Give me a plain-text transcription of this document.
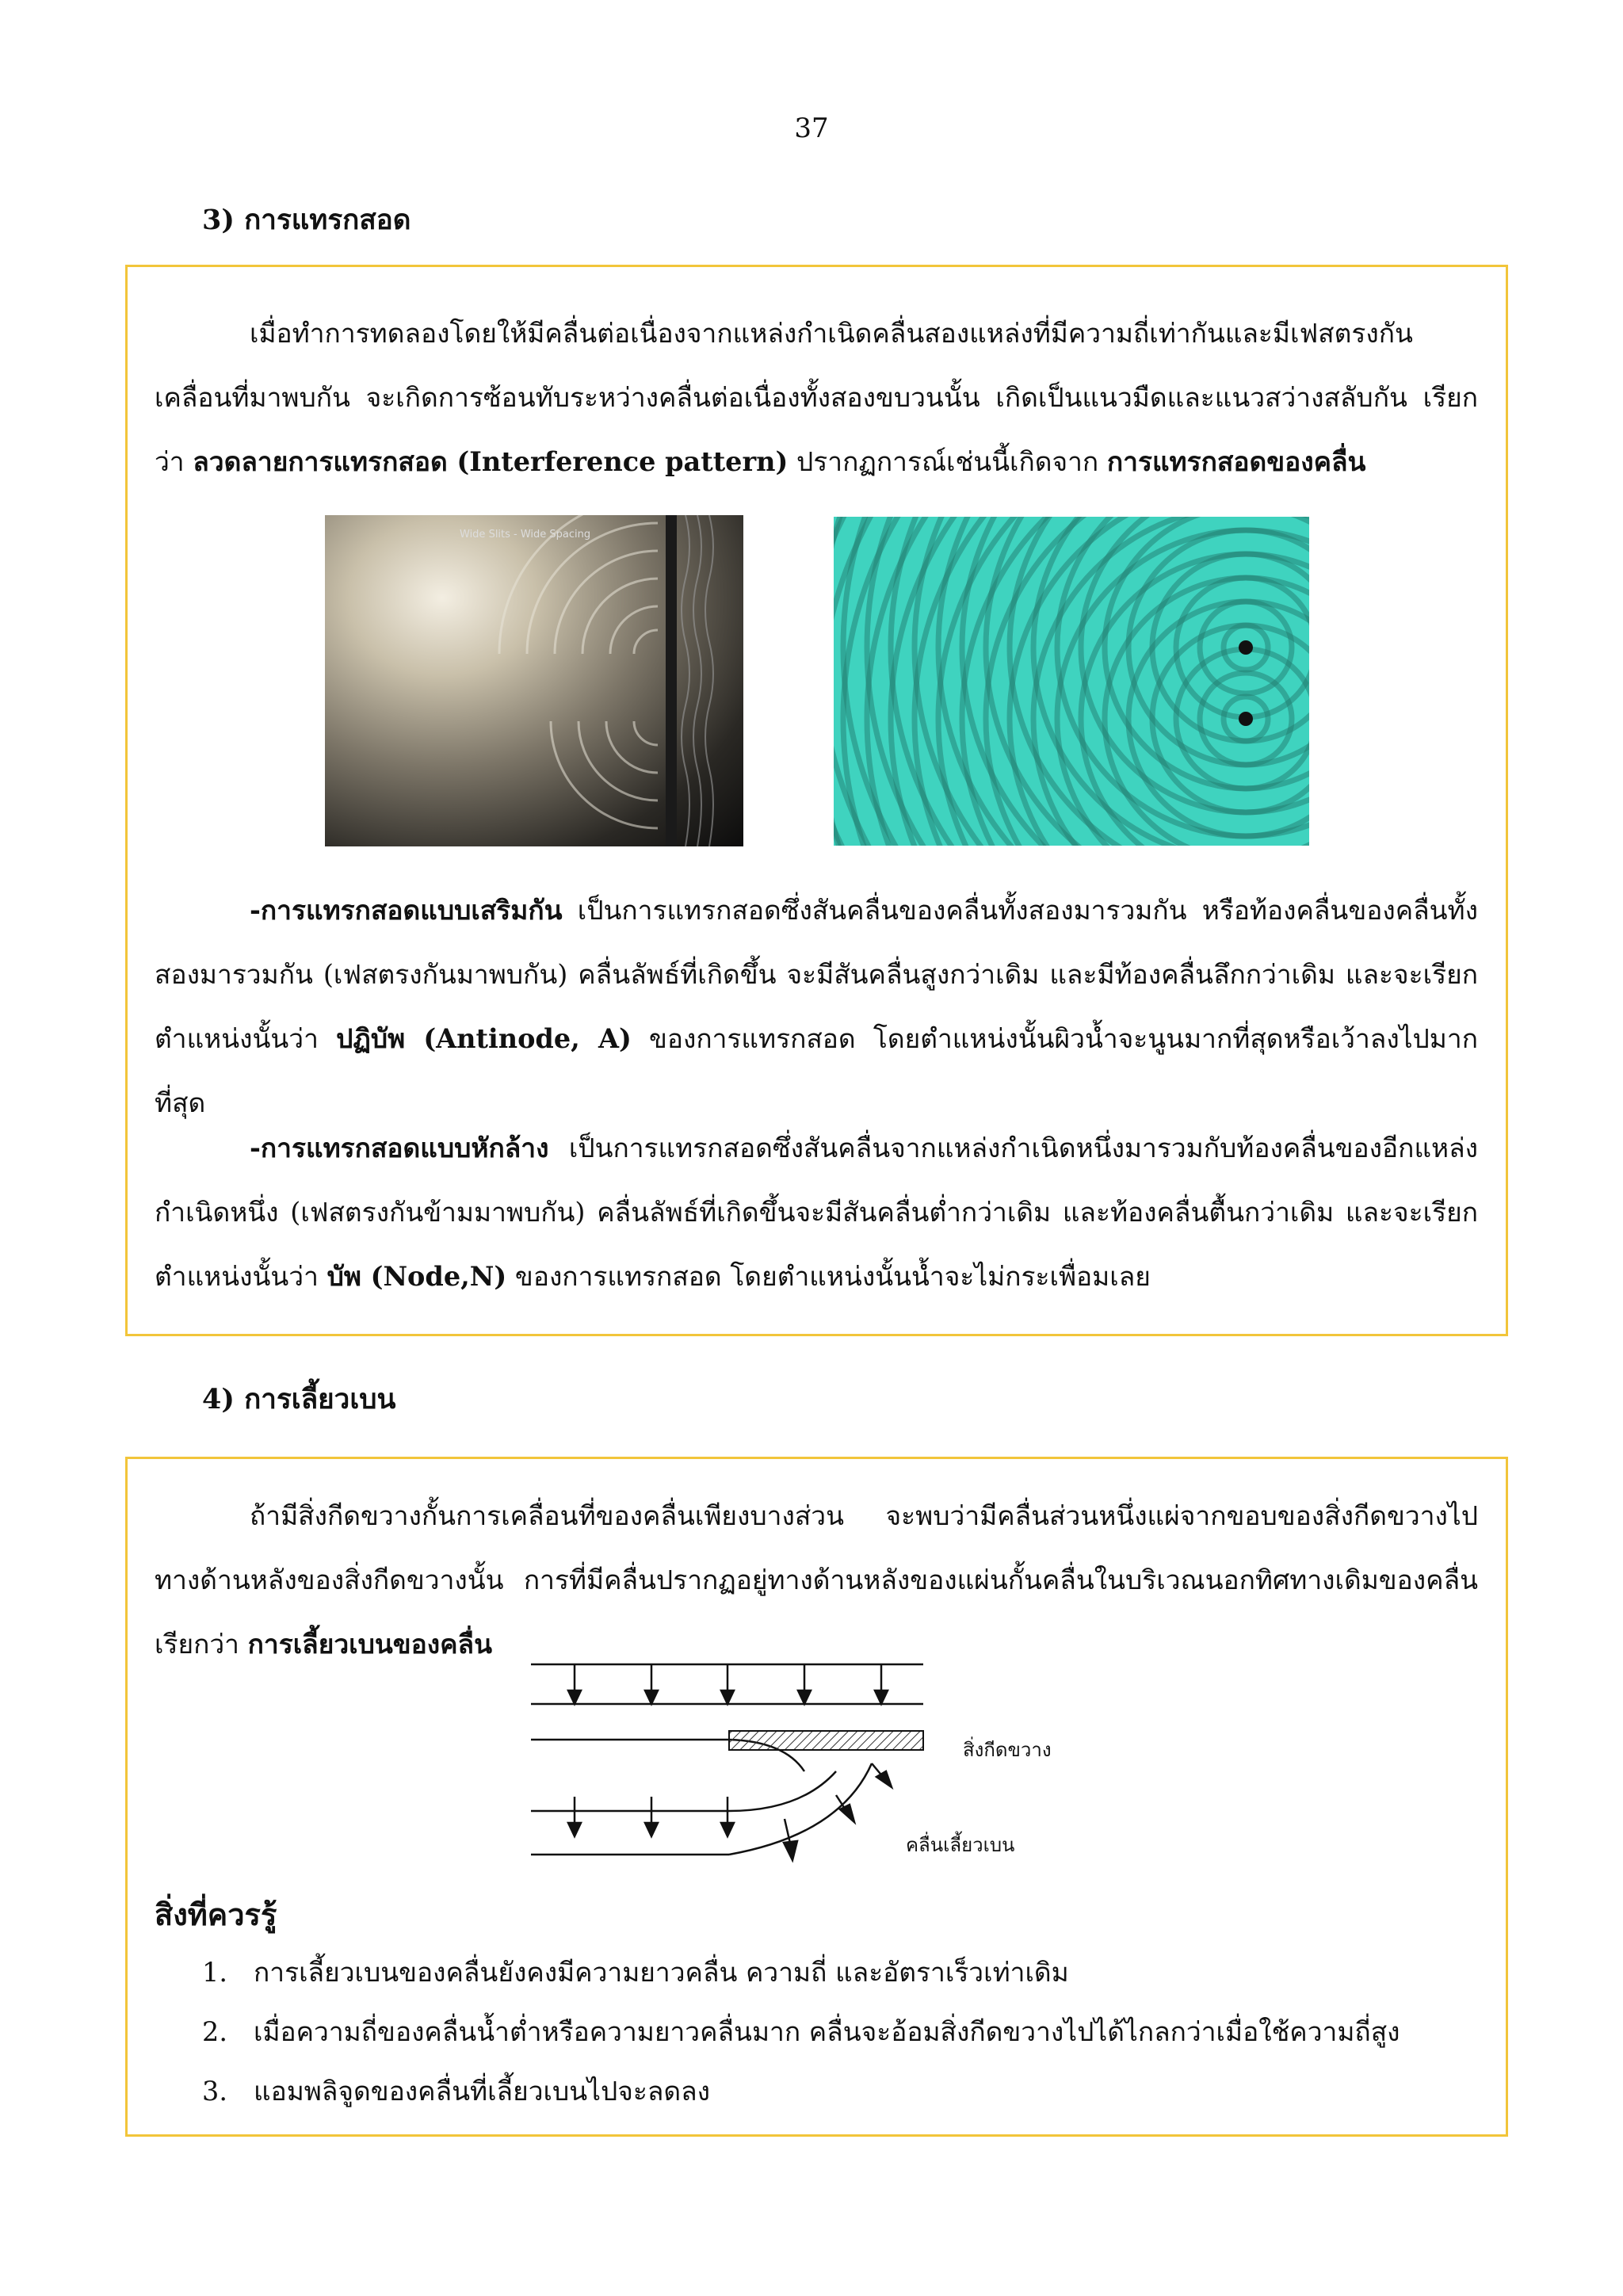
37
3) การแทรกสอด

เมื่อทำการทดลองโดยให้มีคลื่นต่อเนื่องจากแหล่งกำเนิดคลื่นสองแหล่งที่มีความถี่เท่ากันและมีเฟสตรงกัน เคลื่อนที่มาพบกัน จะเกิดการซ้อนทับระหว่างคลื่นต่อเนื่องทั้งสองขบวนนั้น เกิดเป็นแนวมืดและแนวสว่างสลับกัน เรียกว่า ลวดลายการแทรกสอด (Interference pattern) ปรากฏการณ์เช่นนี้เกิดจาก การแทรกสอดของคลื่น

Wide Slits - Wide Spacing

-การแทรกสอดแบบเสริมกัน เป็นการแทรกสอดซึ่งสันคลื่นของคลื่นทั้งสองมารวมกัน หรือท้องคลื่นของคลื่นทั้งสองมารวมกัน (เฟสตรงกันมาพบกัน) คลื่นลัพธ์ที่เกิดขึ้น จะมีสันคลื่นสูงกว่าเดิม และมีท้องคลื่นลึกกว่าเดิม และจะเรียกตำแหน่งนั้นว่า ปฏิบัพ (Antinode, A) ของการแทรกสอด โดยตำแหน่งนั้นผิวน้ำจะนูนมากที่สุดหรือเว้าลงไปมากที่สุด

-การแทรกสอดแบบหักล้าง เป็นการแทรกสอดซึ่งสันคลื่นจากแหล่งกำเนิดหนึ่งมารวมกับท้องคลื่นของอีกแหล่งกำเนิดหนึ่ง (เฟสตรงกันข้ามมาพบกัน) คลื่นลัพธ์ที่เกิดขึ้นจะมีสันคลื่นต่ำกว่าเดิม และท้องคลื่นตื้นกว่าเดิม และจะเรียกตำแหน่งนั้นว่า บัพ (Node,N) ของการแทรกสอด โดยตำแหน่งนั้นน้ำจะไม่กระเพื่อมเลย

4) การเลี้ยวเบน

ถ้ามีสิ่งกีดขวางกั้นการเคลื่อนที่ของคลื่นเพียงบางส่วน จะพบว่ามีคลื่นส่วนหนึ่งแผ่จากขอบของสิ่งกีดขวางไปทางด้านหลังของสิ่งกีดขวางนั้น การที่มีคลื่นปรากฏอยู่ทางด้านหลังของแผ่นกั้นคลื่นในบริเวณนอกทิศทางเดิมของคลื่นเรียกว่า การเลี้ยวเบนของคลื่น

สิ่งกีดขวาง
คลื่นเลี้ยวเบน
สิ่งที่ควรรู้
1. การเลี้ยวเบนของคลื่นยังคงมีความยาวคลื่น ความถี่ และอัตราเร็วเท่าเดิม
2. เมื่อความถี่ของคลื่นน้ำต่ำหรือความยาวคลื่นมาก คลื่นจะอ้อมสิ่งกีดขวางไปได้ไกลกว่าเมื่อใช้ความถี่สูง
3. แอมพลิจูดของคลื่นที่เลี้ยวเบนไปจะลดลง
